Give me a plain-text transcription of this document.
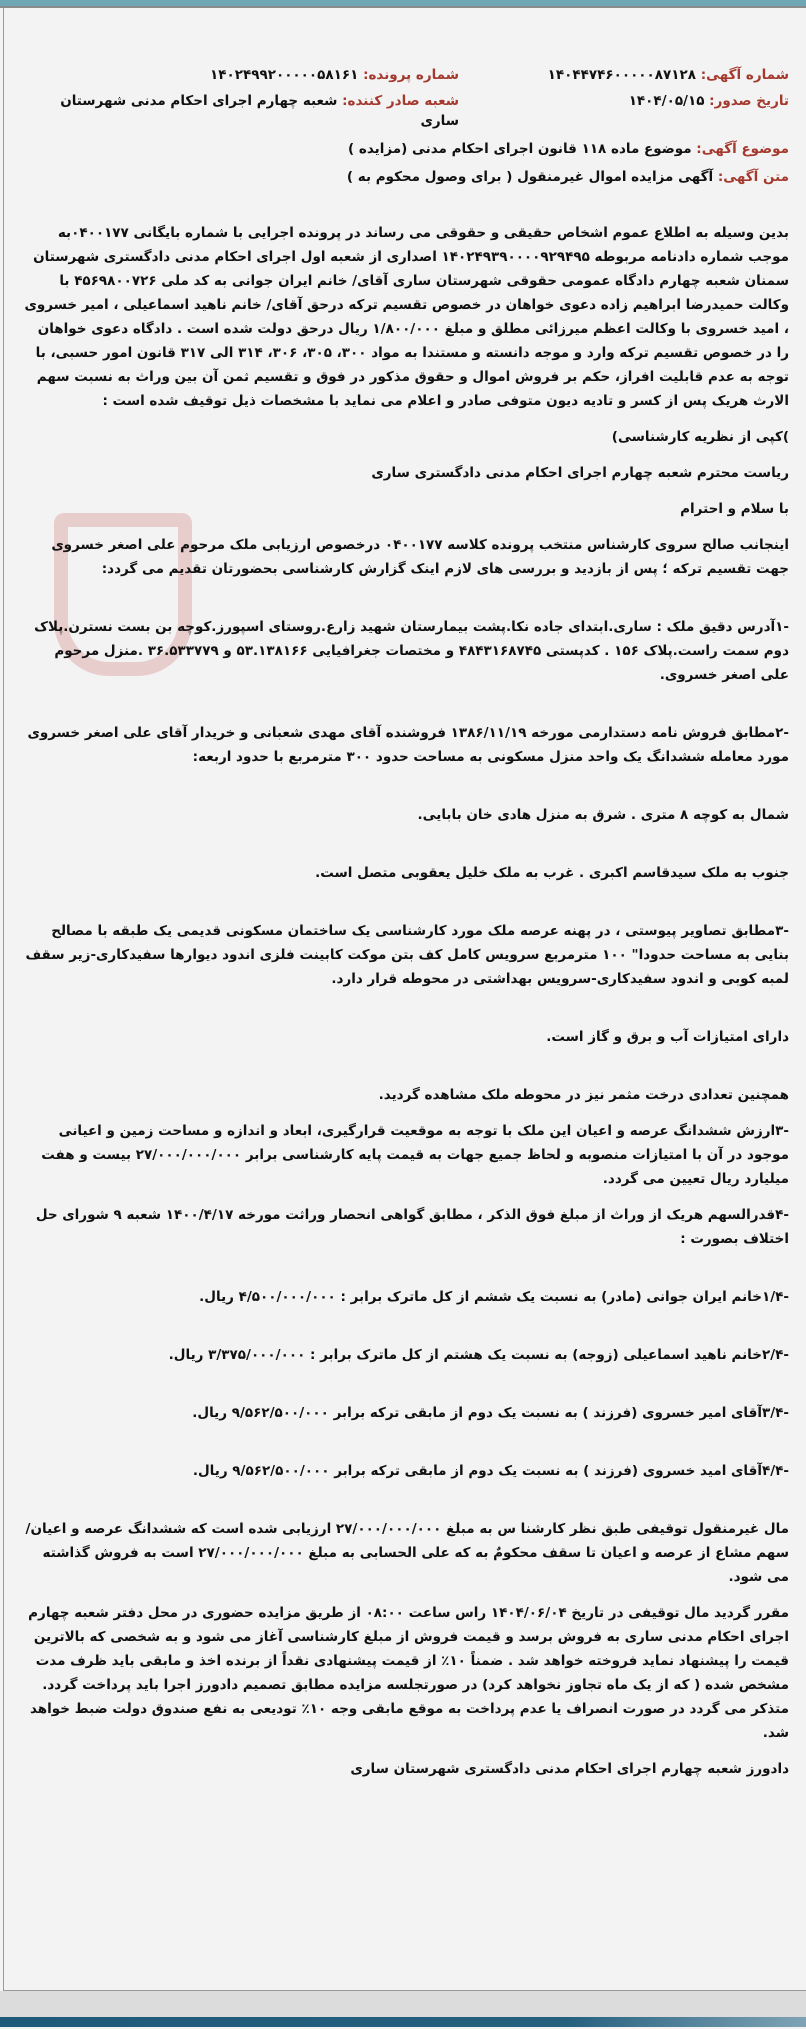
شماره آگهی: ۱۴۰۴۴۷۴۶۰۰۰۰۰۸۷۱۲۸
شماره پرونده: ۱۴۰۲۴۹۹۲۰۰۰۰۰۵۸۱۶۱
تاریخ صدور: ۱۴۰۴/۰۵/۱۵
شعبه صادر کننده: شعبه چهارم اجرای احکام مدنی شهرستان ساری
موضوع آگهی: موضوع ماده ۱۱۸ قانون اجرای احکام مدنی (مزایده )
متن آگهی: آگهی مزایده اموال غیرمنقول ( برای وصول محکوم به )

بدین وسیله به اطلاع عموم اشخاص حقیقی و حقوقی می رساند در پرونده اجرایی با شماره بایگانی ۰۴۰۰۱۷۷به موجب شماره دادنامه مربوطه ۱۴۰۲۴۹۳۹۰۰۰۰۹۲۹۴۹۵ اصداری از شعبه اول اجرای احکام مدنی دادگستری شهرستان سمنان شعبه چهارم دادگاه عمومی حقوقی شهرستان ساری آقای/ خانم ایران جوانی به کد ملی ۴۵۶۹۸۰۰۷۲۶ با وکالت حمیدرضا ابراهیم زاده دعوی خواهان در خصوص تقسیم ترکه درحق آقای/ خانم ناهید اسماعیلی ، امیر خسروی ، امید خسروی با وکالت اعظم میرزائی مطلق و مبلغ ۱/۸۰۰/۰۰۰ ریال درحق دولت شده است . دادگاه دعوی خواهان را در خصوص تقسیم ترکه وارد و موجه دانسته و مستندا به مواد ۳۰۰، ۳۰۵، ۳۰۶، ۳۱۴ الی ۳۱۷ قانون امور حسبی، با توجه به عدم قابلیت افراز، حکم بر فروش اموال و حقوق مذکور در فوق و تقسیم ثمن آن بین وراث به نسبت سهم الارث هریک پس از کسر و تادیه دیون متوفی صادر و اعلام می نماید با مشخصات ذیل توقیف شده است :

)کپی از نظریه کارشناسی)

ریاست محترم شعبه چهارم اجرای احکام مدنی دادگستری ساری

با سلام و احترام

اینجانب صالح سروی کارشناس منتخب پرونده کلاسه ۰۴۰۰۱۷۷ درخصوص ارزیابی ملک مرحوم علی اصغر خسروی جهت تقسیم ترکه ؛ پس از بازدید و بررسی های لازم اینک گزارش کارشناسی بحضورتان تقدیم می گردد:

-۱آدرس دقیق ملک : ساری.ابتدای جاده نکا.پشت بیمارستان شهید زارع.روستای اسپورز.کوچه بن بست نسترن.پلاک دوم سمت راست.پلاک ۱۵۶ . کدپستی ۴۸۴۳۱۶۸۷۴۵ و مختصات جغرافیایی ۵۳.۱۳۸۱۶۶ و ۳۶.۵۳۳۷۷۹ .منزل مرحوم علی اصغر خسروی.

-۲مطابق فروش نامه دستدارمی مورخه ۱۳۸۶/۱۱/۱۹ فروشنده آقای مهدی شعبانی و خریدار آقای علی اصغر خسروی مورد معامله ششدانگ یک واحد منزل مسکونی به مساحت حدود ۳۰۰ مترمربع با حدود اربعه:

شمال به کوچه ۸ متری . شرق به منزل هادی خان بابایی.

جنوب به ملک سیدقاسم اکبری . غرب به ملک خلیل یعقوبی متصل است.

-۳مطابق تصاویر پیوستی ، در پهنه عرصه ملک مورد کارشناسی یک ساختمان مسکونی قدیمی یک طبقه با مصالح بنایی به مساحت حدودا" ۱۰۰ مترمربع سرویس کامل کف بتن موکت کابینت فلزی اندود دیوارها سفیدکاری-زیر سقف لمبه کوبی و اندود سفیدکاری-سرویس بهداشتی در محوطه قرار دارد.

دارای امتیازات آب و برق و گاز است.

همچنین تعدادی درخت مثمر نیز در محوطه ملک مشاهده گردید.

-۳ارزش ششدانگ عرصه و اعیان این ملک با توجه به موقعیت قرارگیری، ابعاد و اندازه و مساحت زمین و اعیانی موجود در آن با امتیازات منصوبه و لحاظ جمیع جهات به قیمت پایه کارشناسی برابر ۲۷/۰۰۰/۰۰۰/۰۰۰ بیست و هفت میلیارد ریال تعیین می گردد.

-۴قدرالسهم هریک از وراث از مبلغ فوق الذکر ، مطابق گواهی انحصار وراثت مورخه ۱۴۰۰/۴/۱۷ شعبه ۹ شورای حل اختلاف بصورت :

-۱/۴خانم ایران جوانی (مادر) به نسبت یک ششم از کل ماترک برابر : ۴/۵۰۰/۰۰۰/۰۰۰ ریال.

-۲/۴خانم ناهید اسماعیلی (زوجه) به نسبت یک هشتم از کل ماترک برابر : ۳/۳۷۵/۰۰۰/۰۰۰ ریال.

-۳/۴آقای امیر خسروی (فرزند ) به نسبت یک دوم از مابقی ترکه برابر ۹/۵۶۲/۵۰۰/۰۰۰ ریال.

-۴/۴آقای امید خسروی (فرزند ) به نسبت یک دوم از مابقی ترکه برابر ۹/۵۶۲/۵۰۰/۰۰۰ ریال.

مال غیرمنقول توقیفی طبق نظر کارشنا س به مبلغ ۲۷/۰۰۰/۰۰۰/۰۰۰ ارزیابی شده است که ششدانگ عرصه و اعیان/ سهم مشاع از عرصه و اعیان تا سقف محکومٌ به که علی الحسابی به مبلغ ۲۷/۰۰۰/۰۰۰/۰۰۰ است به فروش گذاشته می شود.

مقرر گردید مال توقیفی در تاریخ ۱۴۰۴/۰۶/۰۴ راس ساعت ۰۸:۰۰ از طریق مزایده حضوری در محل دفتر شعبه چهارم اجرای احکام مدنی ساری به فروش برسد و قیمت فروش از مبلغ کارشناسی آغاز می شود و به شخصی که بالاترین قیمت را پیشنهاد نماید فروخته خواهد شد . ضمناً ۱۰٪ از قیمت پیشنهادی نقداً از برنده اخذ و مابقی باید ظرف مدت مشخص شده ( که از یک ماه تجاوز نخواهد کرد) در صورتجلسه مزایده مطابق تصمیم دادورز اجرا باید پرداخت گردد. متذکر می گردد در صورت انصراف یا عدم پرداخت به موقع مابقی وجه ۱۰٪ تودیعی به نفع صندوق دولت ضبط خواهد شد.

دادورز شعبه چهارم اجرای احکام مدنی دادگستری شهرستان ساری
